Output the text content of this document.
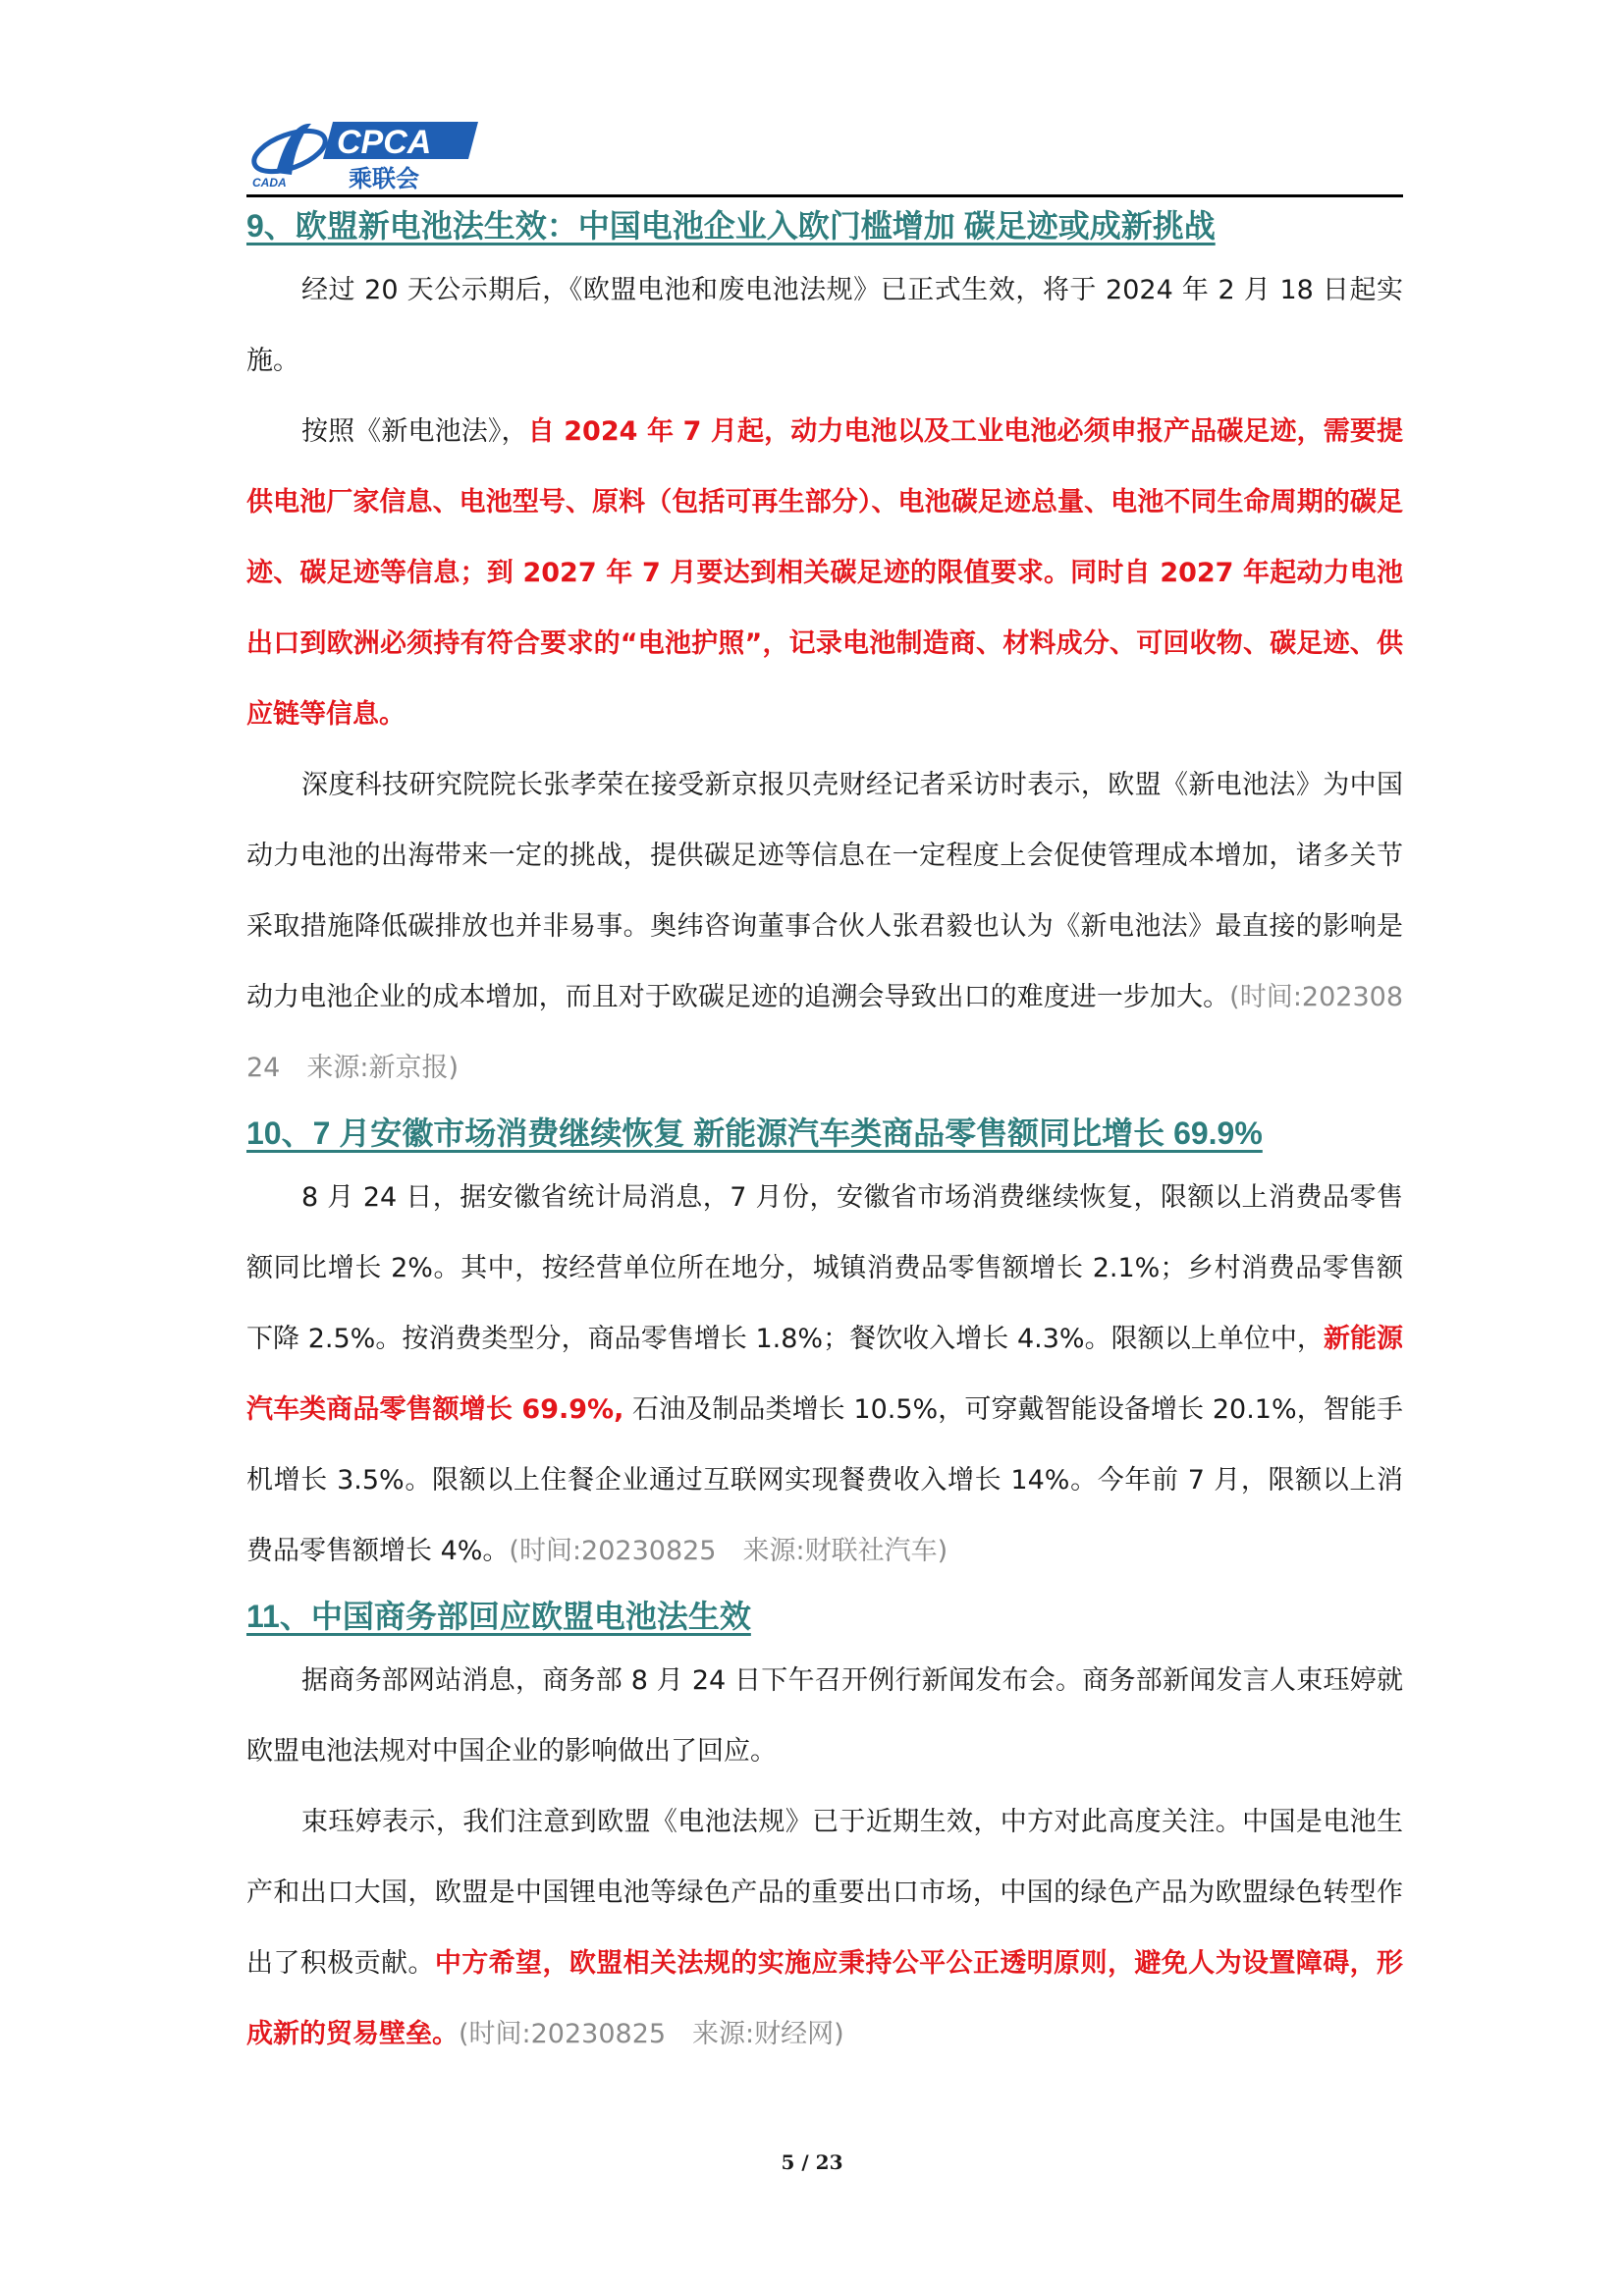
CPCA
CADA	乘联会
9、欧盟新电池法生效：中国电池企业入欧门槛增加 碳足迹或成新挑战

经过 20 天公示期后，《欧盟电池和废电池法规》已正式生效，将于 2024 年 2 月 18 日起实施。

按照《新电池法》，自 2024 年 7 月起，动力电池以及工业电池必须申报产品碳足迹，需要提供电池厂家信息、电池型号、原料（包括可再生部分）、电池碳足迹总量、电池不同生命周期的碳足迹、碳足迹等信息；到 2027 年 7 月要达到相关碳足迹的限值要求。同时自 2027 年起动力电池出口到欧洲必须持有符合要求的“电池护照”，记录电池制造商、材料成分、可回收物、碳足迹、供应链等信息。

深度科技研究院院长张孝荣在接受新京报贝壳财经记者采访时表示，欧盟《新电池法》为中国动力电池的出海带来一定的挑战，提供碳足迹等信息在一定程度上会促使管理成本增加，诸多关节采取措施降低碳排放也并非易事。奥纬咨询董事合伙人张君毅也认为《新电池法》最直接的影响是动力电池企业的成本增加，而且对于欧碳足迹的追溯会导致出口的难度进一步加大。(时间:20230824　来源:新京报)

10、7 月安徽市场消费继续恢复 新能源汽车类商品零售额同比增长 69.9%

8 月 24 日，据安徽省统计局消息，7 月份，安徽省市场消费继续恢复，限额以上消费品零售额同比增长 2%。其中，按经营单位所在地分，城镇消费品零售额增长 2.1%；乡村消费品零售额下降 2.5%。按消费类型分，商品零售增长 1.8%；餐饮收入增长 4.3%。限额以上单位中，新能源汽车类商品零售额增长 69.9%, 石油及制品类增长 10.5%，可穿戴智能设备增长 20.1%，智能手机增长 3.5%。限额以上住餐企业通过互联网实现餐费收入增长 14%。今年前 7 月，限额以上消费品零售额增长 4%。(时间:20230825　来源:财联社汽车)

11、中国商务部回应欧盟电池法生效

据商务部网站消息，商务部 8 月 24 日下午召开例行新闻发布会。商务部新闻发言人束珏婷就欧盟电池法规对中国企业的影响做出了回应。

束珏婷表示，我们注意到欧盟《电池法规》已于近期生效，中方对此高度关注。中国是电池生产和出口大国，欧盟是中国锂电池等绿色产品的重要出口市场，中国的绿色产品为欧盟绿色转型作出了积极贡献。中方希望，欧盟相关法规的实施应秉持公平公正透明原则，避免人为设置障碍，形成新的贸易壁垒。(时间:20230825　来源:财经网)

5 / 23
